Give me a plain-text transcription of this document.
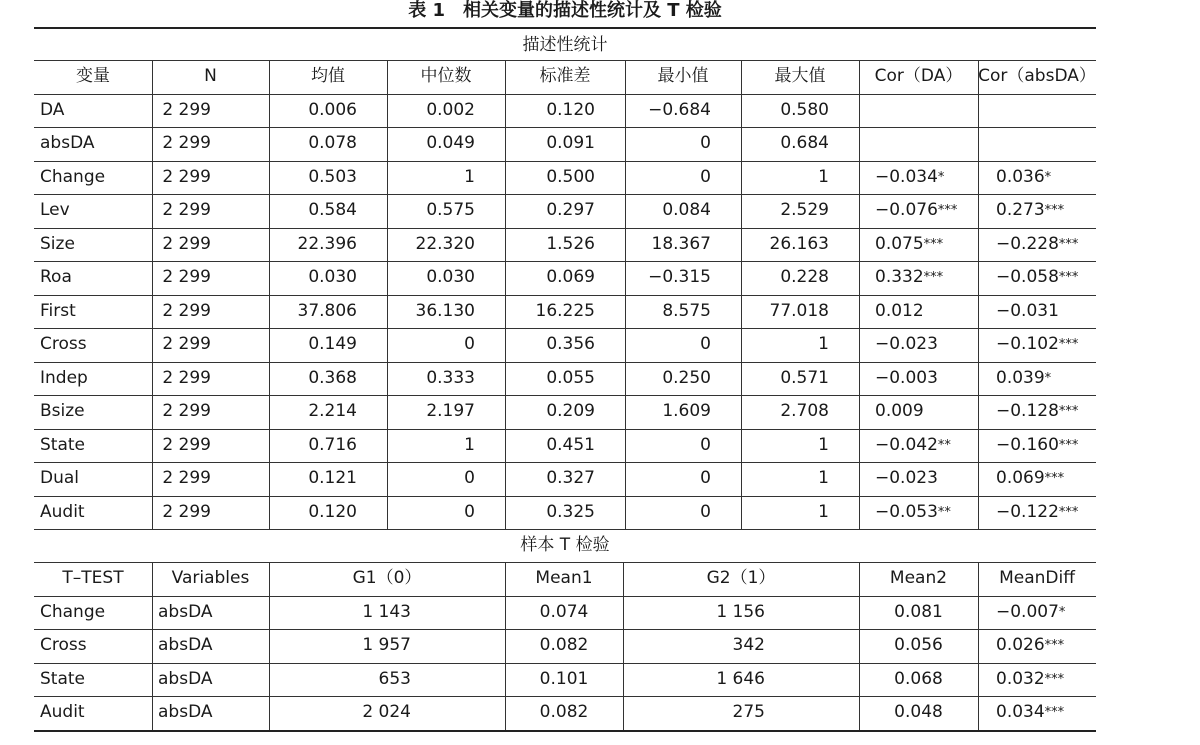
表 1　相关变量的描述性统计及 T 检验
描述性统计
样本 T 检验
变量	N	均值	中位数	标准差	最小值	最大值	Cor（DA） Cor（absDA）
DA	2 299	0.006	0.002	0.120	−0.684	0.580
absDA	2 299	0.078	0.049	0.091	0	0.684
Change	2 299	0.503	1	0.500	0	1	−0.034*	0.036*
Lev	2 299	0.584	0.575	0.297	0.084	2.529	−0.076***	0.273***
Size	2 299	22.396	22.320	1.526	18.367	26.163	0.075***	−0.228***
Roa	2 299	0.030	0.030	0.069	−0.315	0.228	0.332***	−0.058***
First	2 299	37.806	36.130	16.225	8.575	77.018	0.012	−0.031
Cross	2 299	0.149	0	0.356	0	1	−0.023	−0.102***
Indep	2 299	0.368	0.333	0.055	0.250	0.571	−0.003	0.039*
Bsize	2 299	2.214	2.197	0.209	1.609	2.708	0.009	−0.128***
State	2 299	0.716	1	0.451	0	1	−0.042**	−0.160***
Dual	2 299	0.121	0	0.327	0	1	−0.023	0.069***
Audit	2 299	0.120	0	0.325	0	1	−0.053**	−0.122***
T–TEST	Variables	G1（0）	Mean1	G2（1）	Mean2	MeanDiff
Change	absDA	1 143	0.074	1 156	0.081	−0.007*
Cross	absDA	1 957	0.082	342	0.056	0.026***
State	absDA	653	0.101	1 646	0.068	0.032***
Audit	absDA	2 024	0.082	275	0.048	0.034***
